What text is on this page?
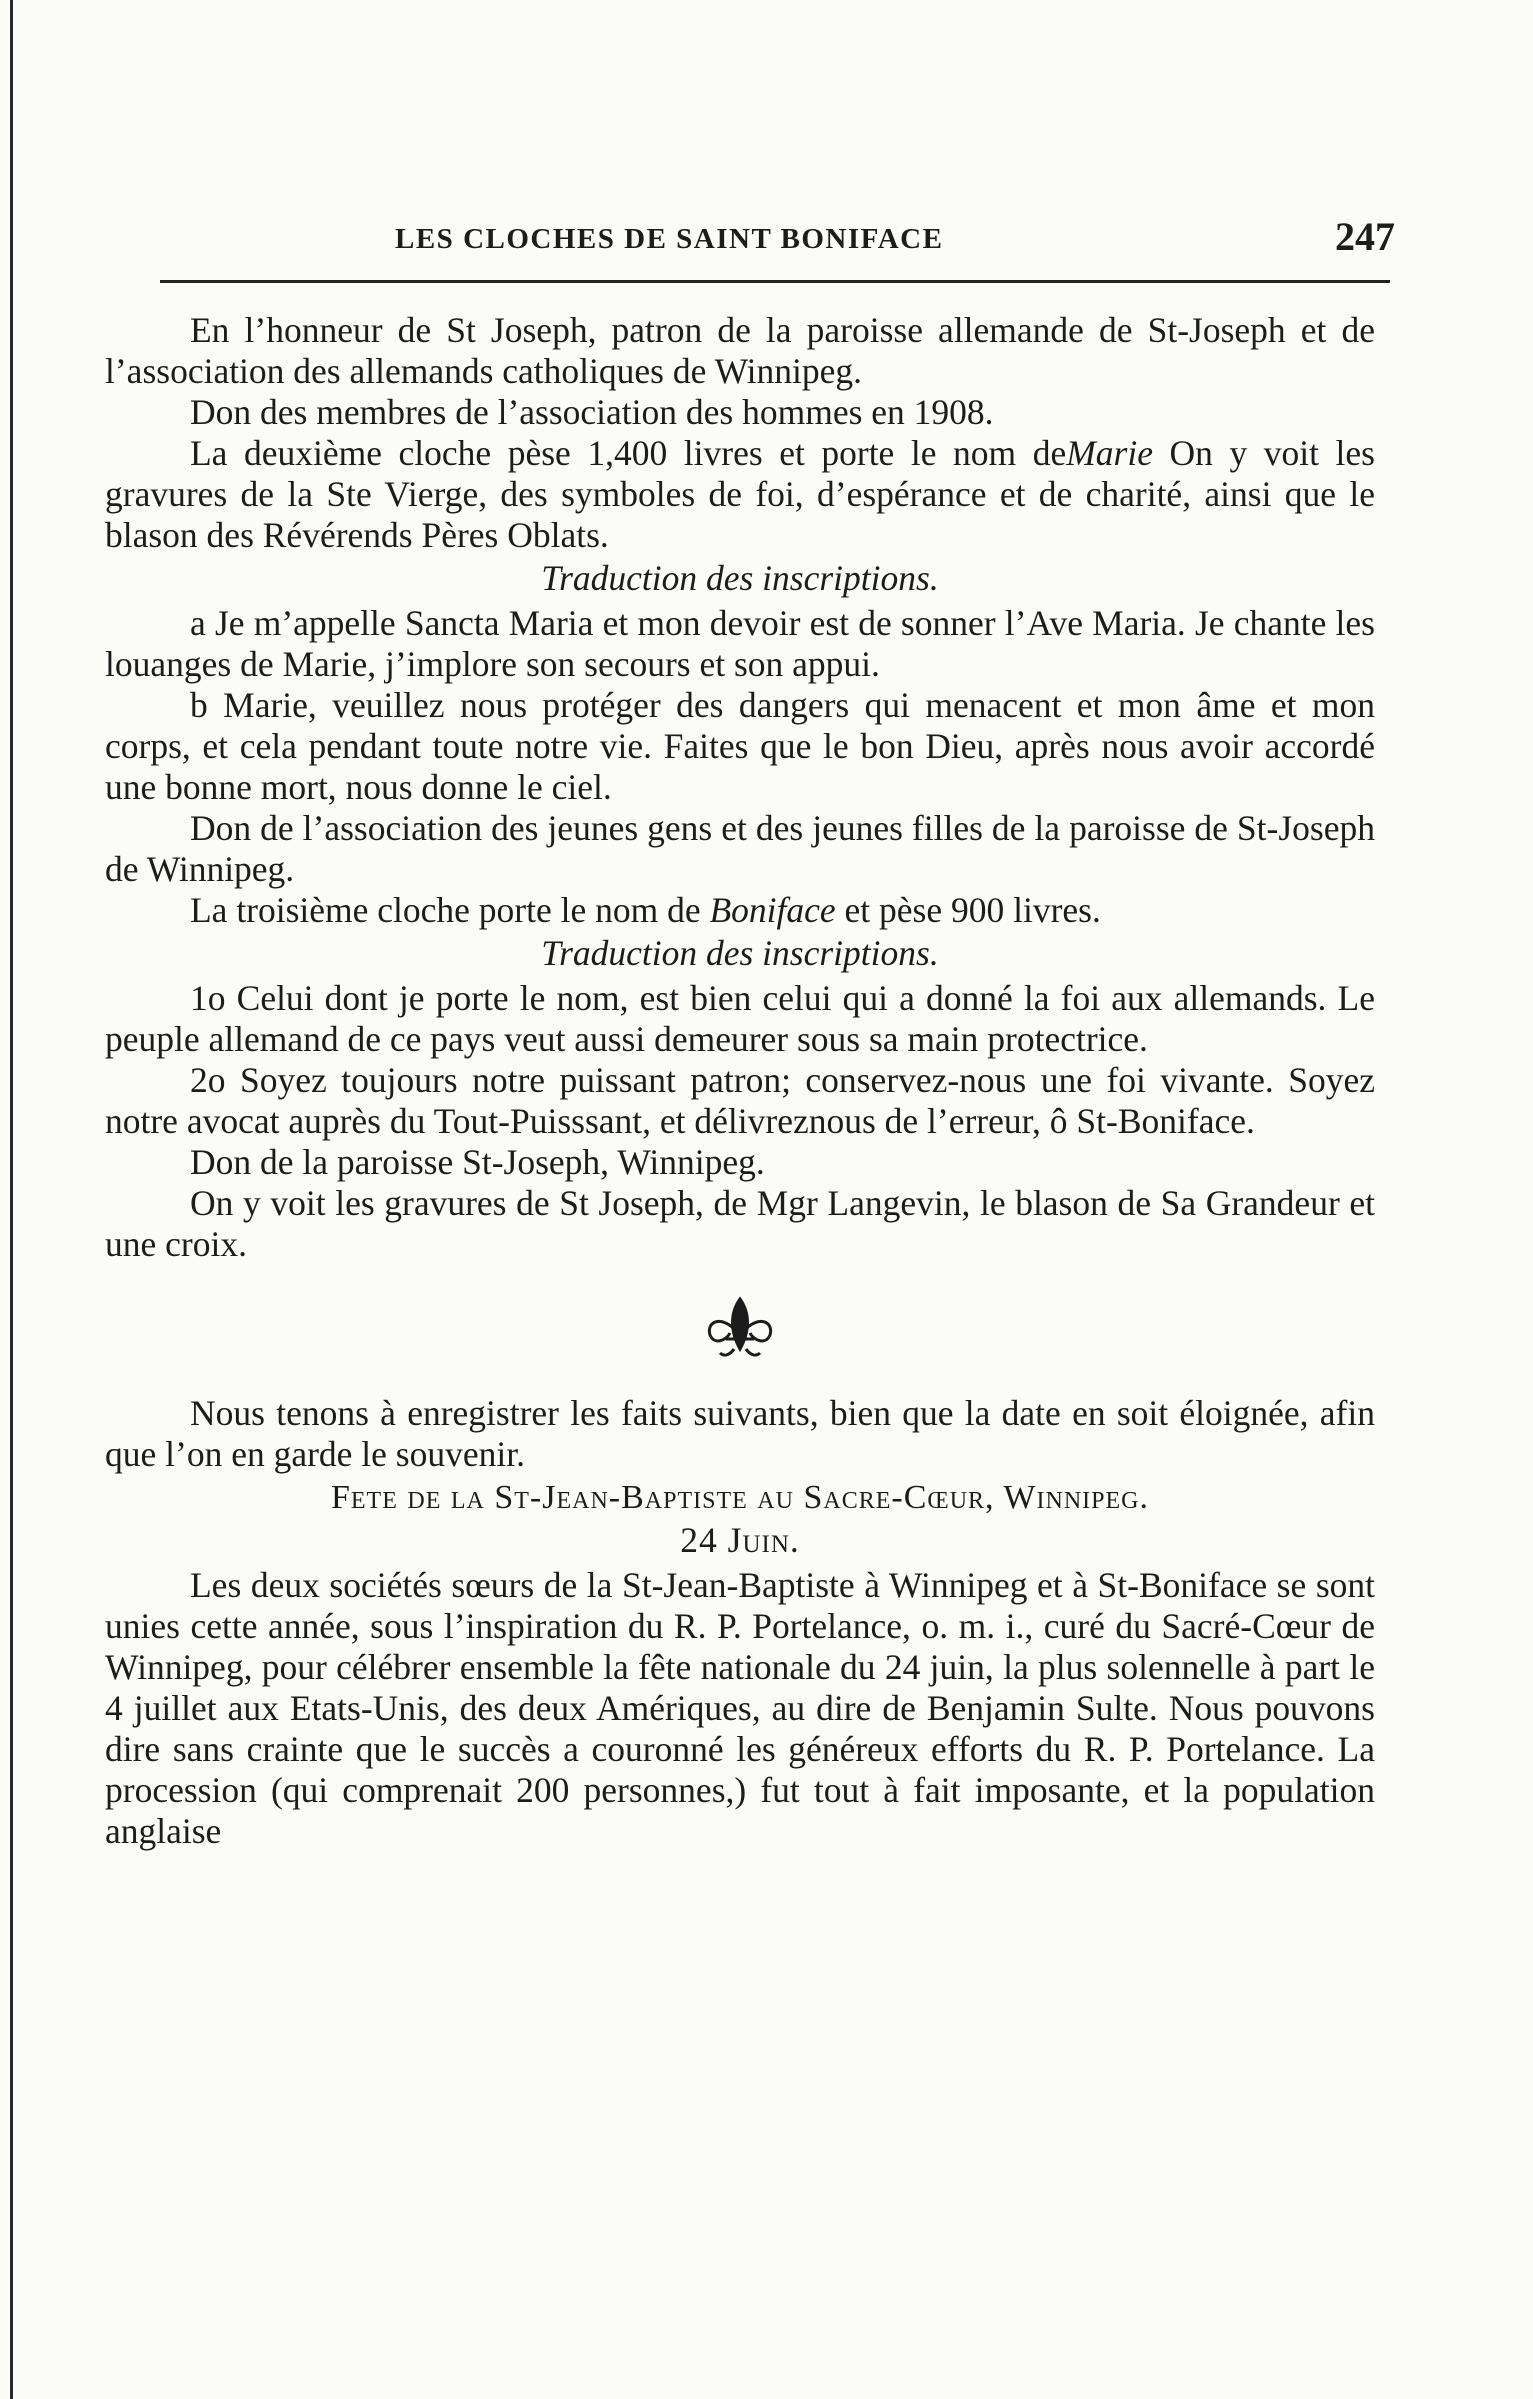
LES CLOCHES DE SAINT BONIFACE	247

En l’honneur de St Joseph, patron de la paroisse allemande de St-Joseph et de l’association des allemands catholiques de Winnipeg.

Don des membres de l’association des hommes en 1908.

La deuxième cloche pèse 1,400 livres et porte le nom deMarie On y voit les gravures de la Ste Vierge, des symboles de foi, d’espérance et de charité, ainsi que le blason des Révérends Pères Oblats.

Traduction des inscriptions.

a Je m’appelle Sancta Maria et mon devoir est de sonner l’Ave Maria. Je chante les louanges de Marie, j’implore son secours et son appui.

b Marie, veuillez nous protéger des dangers qui menacent et mon âme et mon corps, et cela pendant toute notre vie. Faites que le bon Dieu, après nous avoir accordé une bonne mort, nous donne le ciel.

Don de l’association des jeunes gens et des jeunes filles de la paroisse de St-Joseph de Winnipeg.

La troisième cloche porte le nom de Boniface et pèse 900 livres.

Traduction des inscriptions.

1o Celui dont je porte le nom, est bien celui qui a donné la foi aux allemands. Le peuple allemand de ce pays veut aussi demeurer sous sa main protectrice.

2o Soyez toujours notre puissant patron; conservez-nous une foi vivante. Soyez notre avocat auprès du Tout-Puisssant, et délivreznous de l’erreur, ô St-Boniface.

Don de la paroisse St-Joseph, Winnipeg.

On y voit les gravures de St Joseph, de Mgr Langevin, le blason de Sa Grandeur et une croix.

Nous tenons à enregistrer les faits suivants, bien que la date en soit éloignée, afin que l’on en garde le souvenir.

Fete de la St-Jean-Baptiste au Sacre-Cœur, Winnipeg.

24 Juin.

Les deux sociétés sœurs de la St-Jean-Baptiste à Winnipeg et à St-Boniface se sont unies cette année, sous l’inspiration du R. P. Portelance, o. m. i., curé du Sacré-Cœur de Winnipeg, pour célébrer ensemble la fête nationale du 24 juin, la plus solennelle à part le 4 juillet aux Etats-Unis, des deux Amériques, au dire de Benjamin Sulte. Nous pouvons dire sans crainte que le succès a couronné les généreux efforts du R. P. Portelance. La procession (qui comprenait 200 personnes,) fut tout à fait imposante, et la population anglaise
